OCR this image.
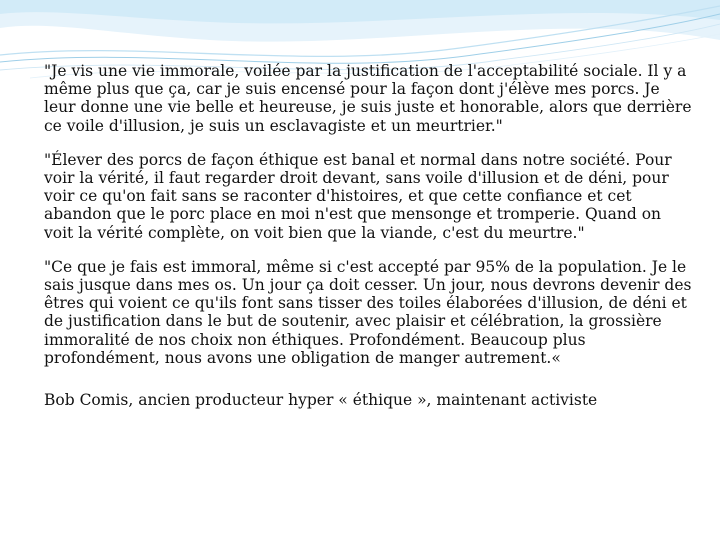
"Je vis une vie immorale, voilée par la justification de l'acceptabilité sociale. Il y a même plus que ça, car je suis encensé pour la façon dont j'élève mes porcs. Je leur donne une vie belle et heureuse, je suis juste et honorable, alors que derrière ce voile d'illusion, je suis un esclavagiste et un meurtrier."

"Élever des porcs de façon éthique est banal et normal dans notre société. Pour voir la vérité, il faut regarder droit devant, sans voile d'illusion et de déni, pour voir ce qu'on fait sans se raconter d'histoires, et que cette confiance et cet abandon que le porc place en moi n'est que mensonge et tromperie. Quand on voit la vérité complète, on voit bien que la viande, c'est du meurtre."

"Ce que je fais est immoral, même si c'est accepté par 95% de la population. Je le sais jusque dans mes os. Un jour ça doit cesser. Un jour, nous devrons devenir des êtres qui voient ce qu'ils font sans tisser des toiles élaborées d'illusion, de déni et de justification dans le but de soutenir, avec plaisir et célébration, la grossière immoralité de nos choix non éthiques. Profondément. Beaucoup plus profondément, nous avons une obligation de manger autrement.«

Bob Comis, ancien producteur hyper « éthique », maintenant activiste
